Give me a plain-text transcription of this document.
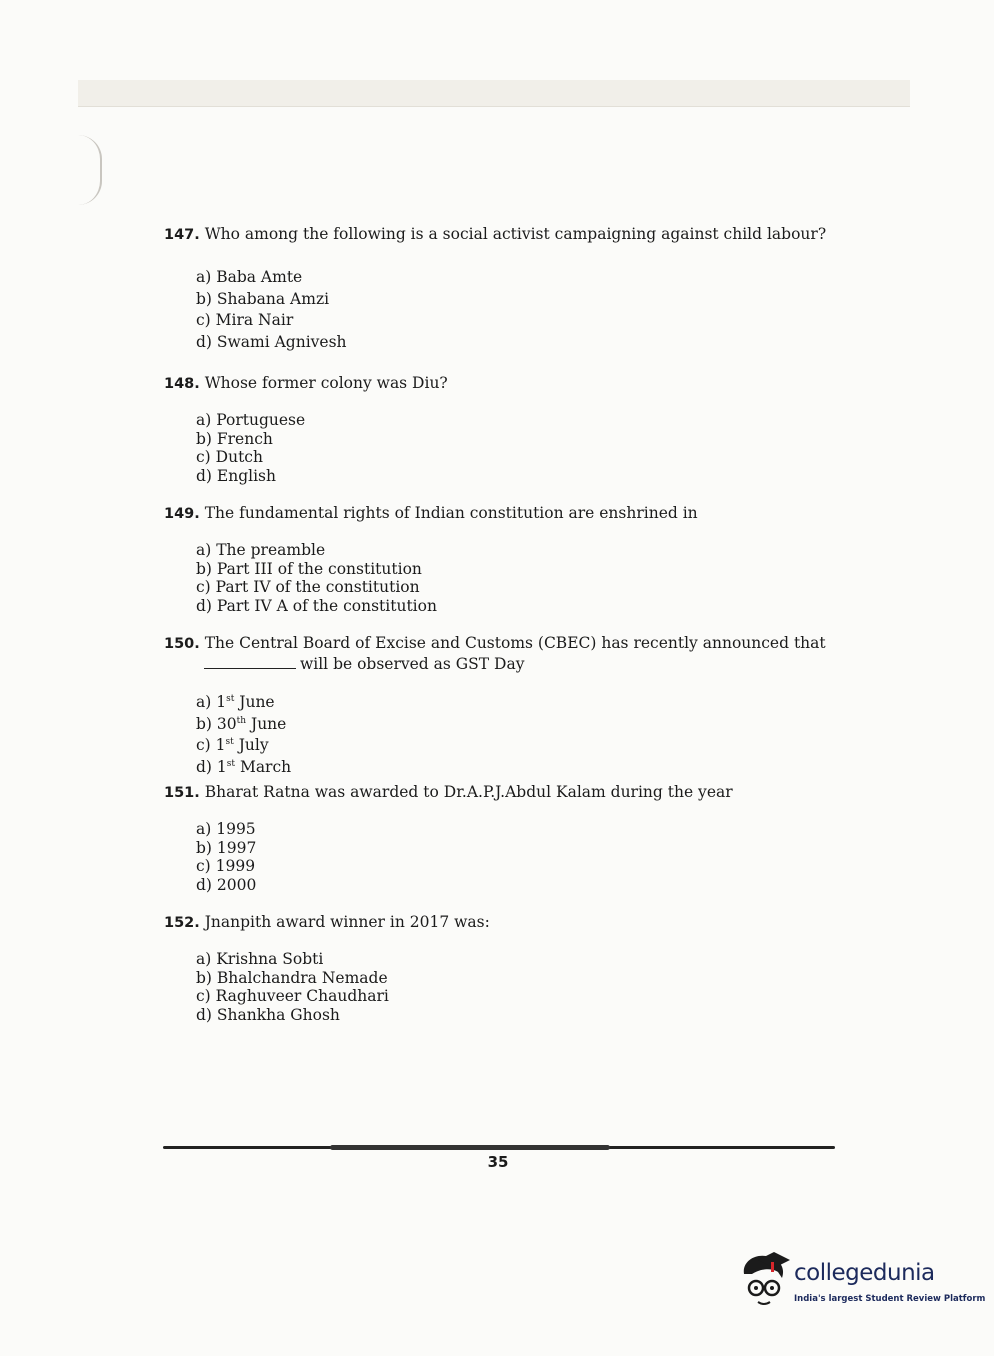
147. Who among the following is a social activist campaigning against child labour?

a) Baba Amte
b) Shabana Amzi
c) Mira Nair
d) Swami Agnivesh

148. Whose former colony was Diu?

a) Portuguese
b) French
c) Dutch
d) English

149. The fundamental rights of Indian constitution are enshrined in

a) The preamble
b) Part III of the constitution
c) Part IV of the constitution
d) Part IV A of the constitution

150. The Central Board of Excise and Customs (CBEC) has recently announced that
will be observed as GST Day

a) 1st June
b) 30th June
c) 1st July
d) 1st March

151. Bharat Ratna was awarded to Dr.A.P.J.Abdul Kalam during the year

a) 1995
b) 1997
c) 1999
d) 2000

152. Jnanpith award winner in 2017 was:

a) Krishna Sobti
b) Bhalchandra Nemade
c) Raghuveer Chaudhari
d) Shankha Ghosh
35
collegedunia
India's largest Student Review Platform
